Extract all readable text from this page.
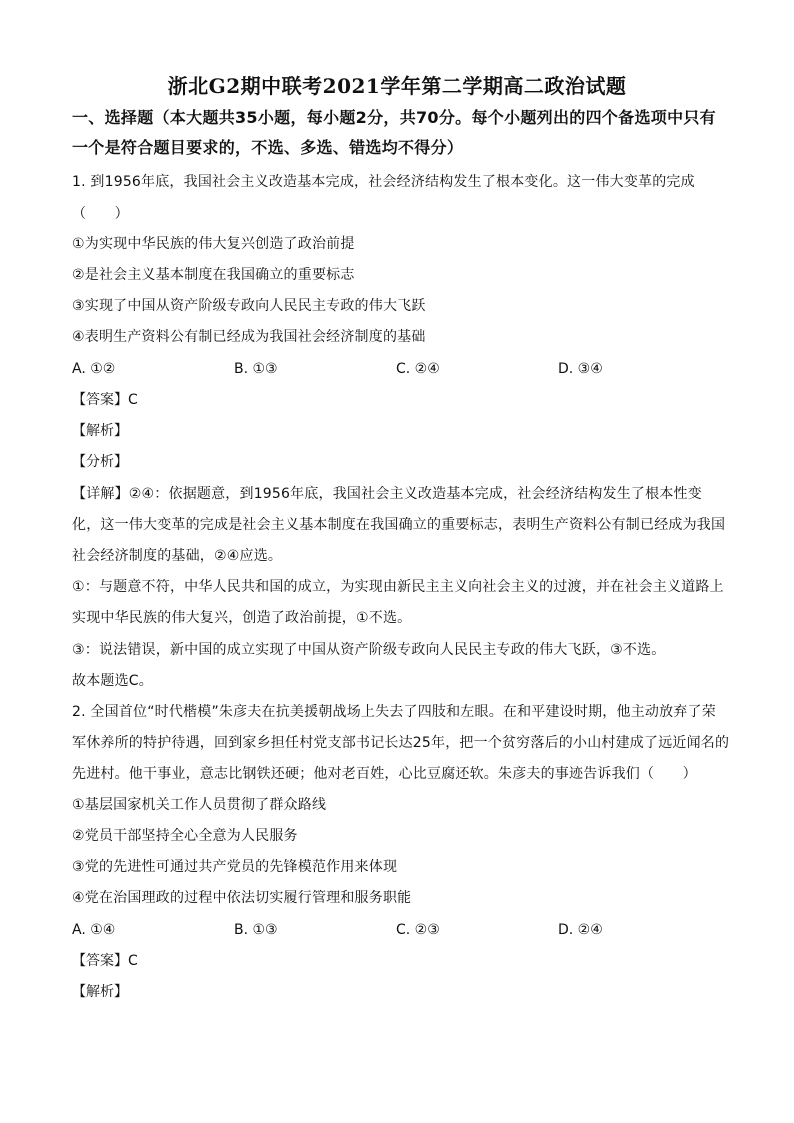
浙北G2期中联考2021学年第二学期高二政治试题
一、选择题（本大题共35小题，每小题2分，共70分。每个小题列出的四个备选项中只有
一个是符合题目要求的，不选、多选、错选均不得分）
1. 到1956年底，我国社会主义改造基本完成，社会经济结构发生了根本变化。这一伟大变革的完成
（　　）
①为实现中华民族的伟大复兴创造了政治前提
②是社会主义基本制度在我国确立的重要标志
③实现了中国从资产阶级专政向人民民主专政的伟大飞跃
④表明生产资料公有制已经成为我国社会经济制度的基础
A. ①②	B. ①③	C. ②④	D. ③④
【答案】C
【解析】
【分析】
【详解】②④：依据题意，到1956年底，我国社会主义改造基本完成，社会经济结构发生了根本性变
化，这一伟大变革的完成是社会主义基本制度在我国确立的重要标志，表明生产资料公有制已经成为我国
社会经济制度的基础，②④应选。
①：与题意不符，中华人民共和国的成立，为实现由新民主主义向社会主义的过渡，并在社会主义道路上
实现中华民族的伟大复兴，创造了政治前提，①不选。
③：说法错误，新中国的成立实现了中国从资产阶级专政向人民民主专政的伟大飞跃，③不选。
故本题选C。
2. 全国首位“时代楷模”朱彦夫在抗美援朝战场上失去了四肢和左眼。在和平建设时期，他主动放弃了荣
军休养所的特护待遇，回到家乡担任村党支部书记长达25年，把一个贫穷落后的小山村建成了远近闻名的
先进村。他干事业，意志比钢铁还硬；他对老百姓，心比豆腐还软。朱彦夫的事迹告诉我们（　　）
①基层国家机关工作人员贯彻了群众路线
②党员干部坚持全心全意为人民服务
③党的先进性可通过共产党员的先锋模范作用来体现
④党在治国理政的过程中依法切实履行管理和服务职能
A. ①④	B. ①③	C. ②③	D. ②④
【答案】C
【解析】
